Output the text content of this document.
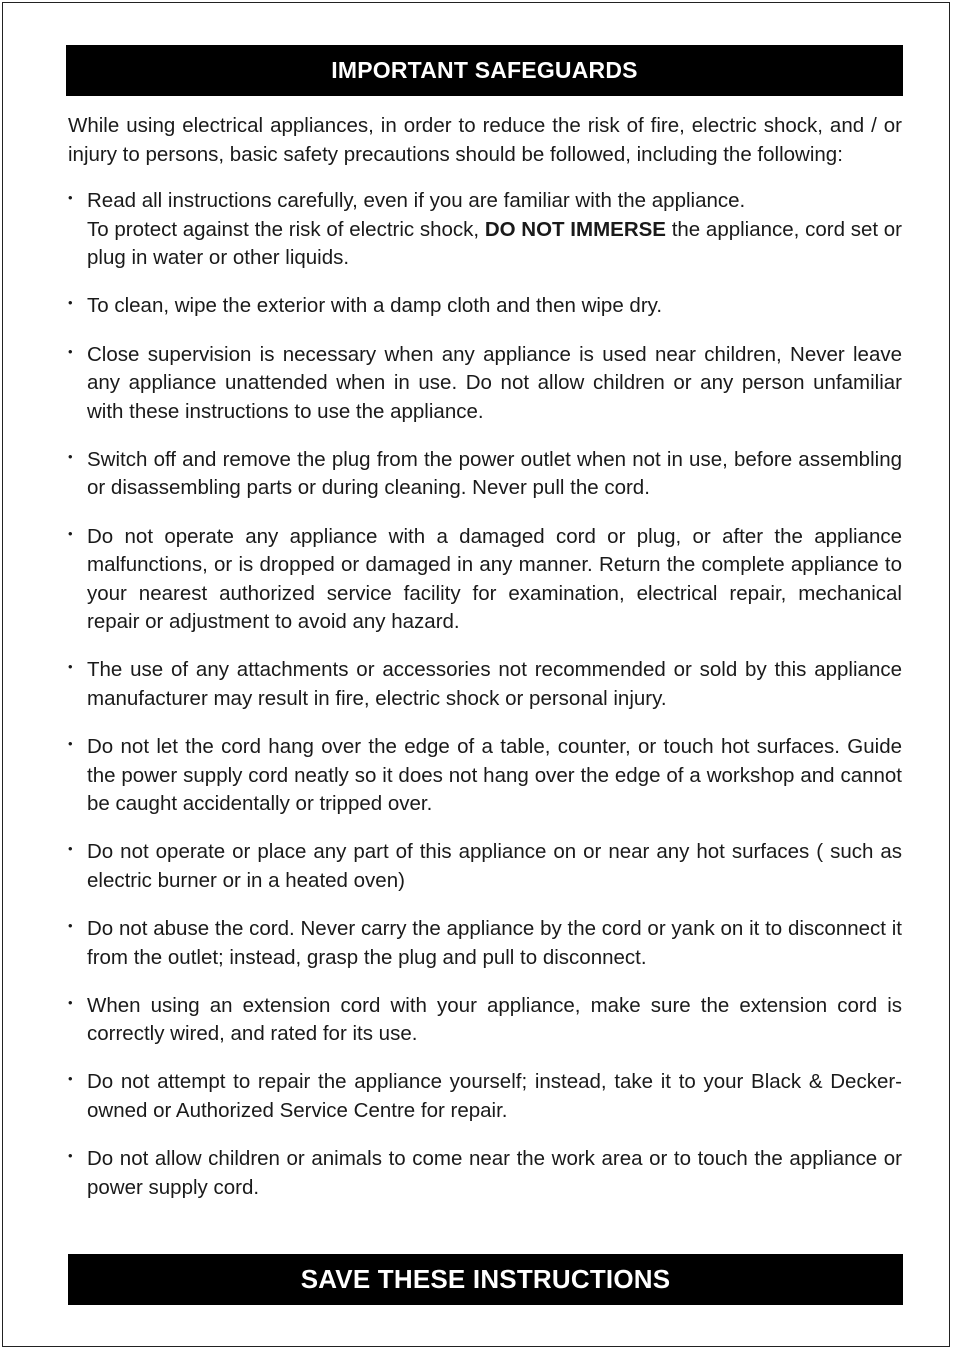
IMPORTANT SAFEGUARDS

While using electrical appliances, in order to reduce the risk of fire, electric shock, and / or injury to persons, basic safety precautions should be followed, including the following:

• Read all instructions carefully, even if you are familiar with the appliance.
To protect against the risk of electric shock, DO NOT IMMERSE the appliance, cord set or plug in water or other liquids.
• To clean, wipe the exterior with a damp cloth and then wipe dry.
• Close supervision is necessary when any appliance is used near children, Never leave any appliance unattended when in use. Do not allow children or any person unfamiliar with these instructions to use the appliance.
• Switch off and remove the plug from the power outlet when not in use, before assembling or disassembling parts or during cleaning. Never pull the cord.
• Do not operate any appliance with a damaged cord or plug, or after the appliance malfunctions, or is dropped or damaged in any manner. Return the complete appliance to your nearest authorized service facility for examination, electrical repair, mechanical repair or adjustment to avoid any hazard.
• The use of any attachments or accessories not recommended or sold by this appliance manufacturer may result in fire, electric shock or personal injury.
• Do not let the cord hang over the edge of a table, counter, or touch hot surfaces. Guide the power supply cord neatly so it does not hang over the edge of a workshop and cannot be caught accidentally or tripped over.
• Do not operate or place any part of this appliance on or near any hot surfaces ( such as electric burner or in a heated oven)
• Do not abuse the cord. Never carry the appliance by the cord or yank on it to disconnect it from the outlet; instead, grasp the plug and pull to disconnect.
• When using an extension cord with your appliance, make sure the extension cord is correctly wired, and rated for its use.
• Do not attempt to repair the appliance yourself; instead, take it to your Black & Decker-owned or Authorized Service Centre for repair.
• Do not allow children or animals to come near the work area or to touch the appliance or power supply cord.
SAVE THESE INSTRUCTIONS
